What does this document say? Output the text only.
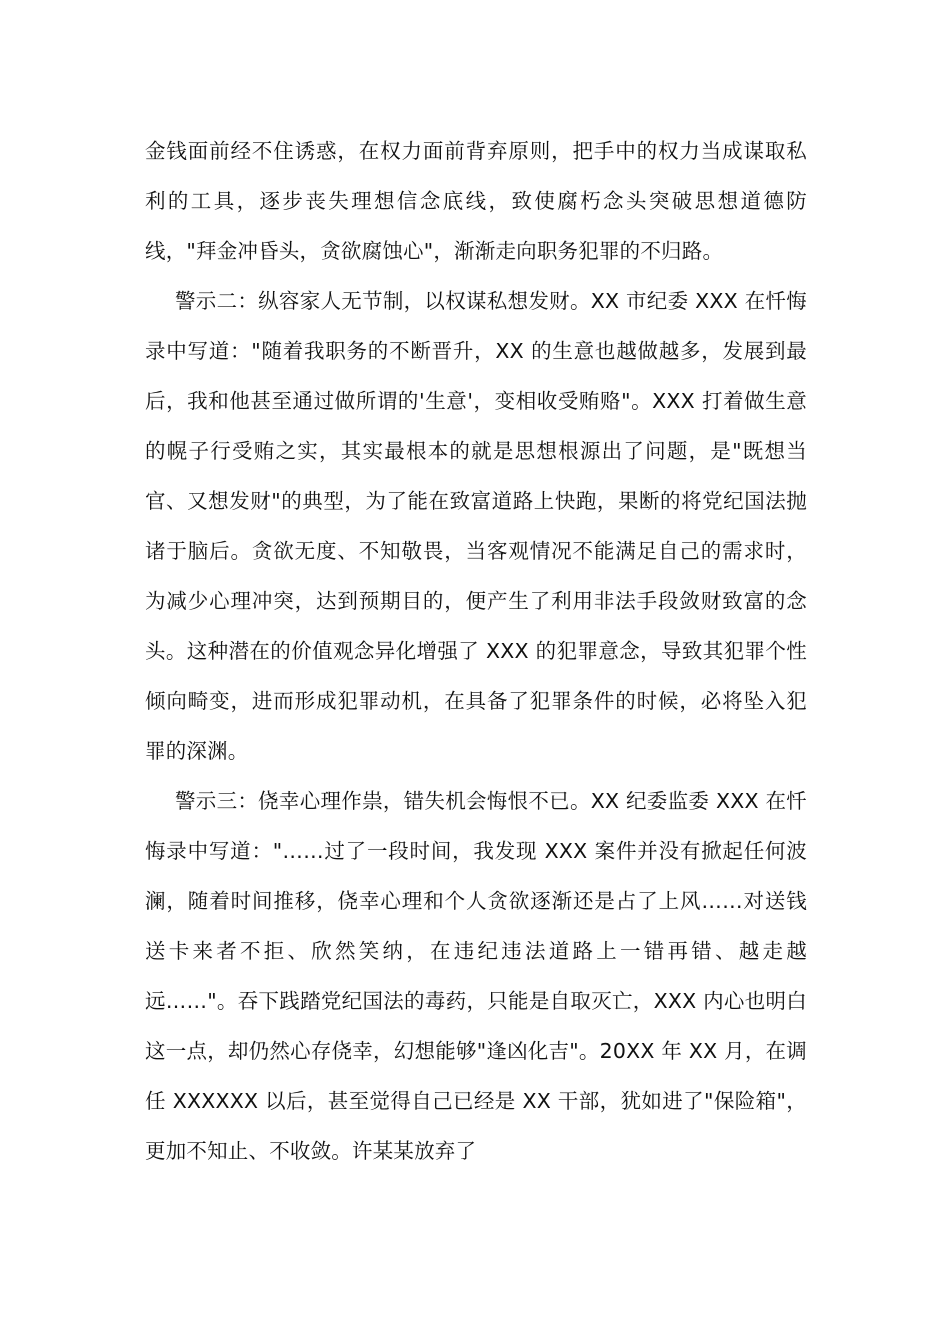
金钱面前经不住诱惑，在权力面前背弃原则，把手中的权力当成谋取私利的工具，逐步丧失理想信念底线，致使腐朽念头突破思想道德防线，"拜金冲昏头，贪欲腐蚀心"，渐渐走向职务犯罪的不归路。

警示二：纵容家人无节制，以权谋私想发财。XX 市纪委 XXX 在忏悔录中写道："随着我职务的不断晋升，XX 的生意也越做越多，发展到最后，我和他甚至通过做所谓的'生意'，变相收受贿赂"。XXX 打着做生意的幌子行受贿之实，其实最根本的就是思想根源出了问题，是"既想当官、又想发财"的典型，为了能在致富道路上快跑，果断的将党纪国法抛诸于脑后。贪欲无度、不知敬畏，当客观情况不能满足自己的需求时，为减少心理冲突，达到预期目的，便产生了利用非法手段敛财致富的念头。这种潜在的价值观念异化增强了 XXX 的犯罪意念，导致其犯罪个性倾向畸变，进而形成犯罪动机，在具备了犯罪条件的时候，必将坠入犯罪的深渊。

警示三：侥幸心理作祟，错失机会悔恨不已。XX 纪委监委 XXX 在忏悔录中写道："……过了一段时间，我发现 XXX 案件并没有掀起任何波澜，随着时间推移，侥幸心理和个人贪欲逐渐还是占了上风……对送钱送卡来者不拒、欣然笑纳，在违纪违法道路上一错再错、越走越远……"。吞下践踏党纪国法的毒药，只能是自取灭亡，XXX 内心也明白这一点，却仍然心存侥幸，幻想能够"逢凶化吉"。20XX 年 XX 月，在调任 XXXXXX 以后，甚至觉得自己已经是 XX 干部，犹如进了"保险箱"，更加不知止、不收敛。许某某放弃了
